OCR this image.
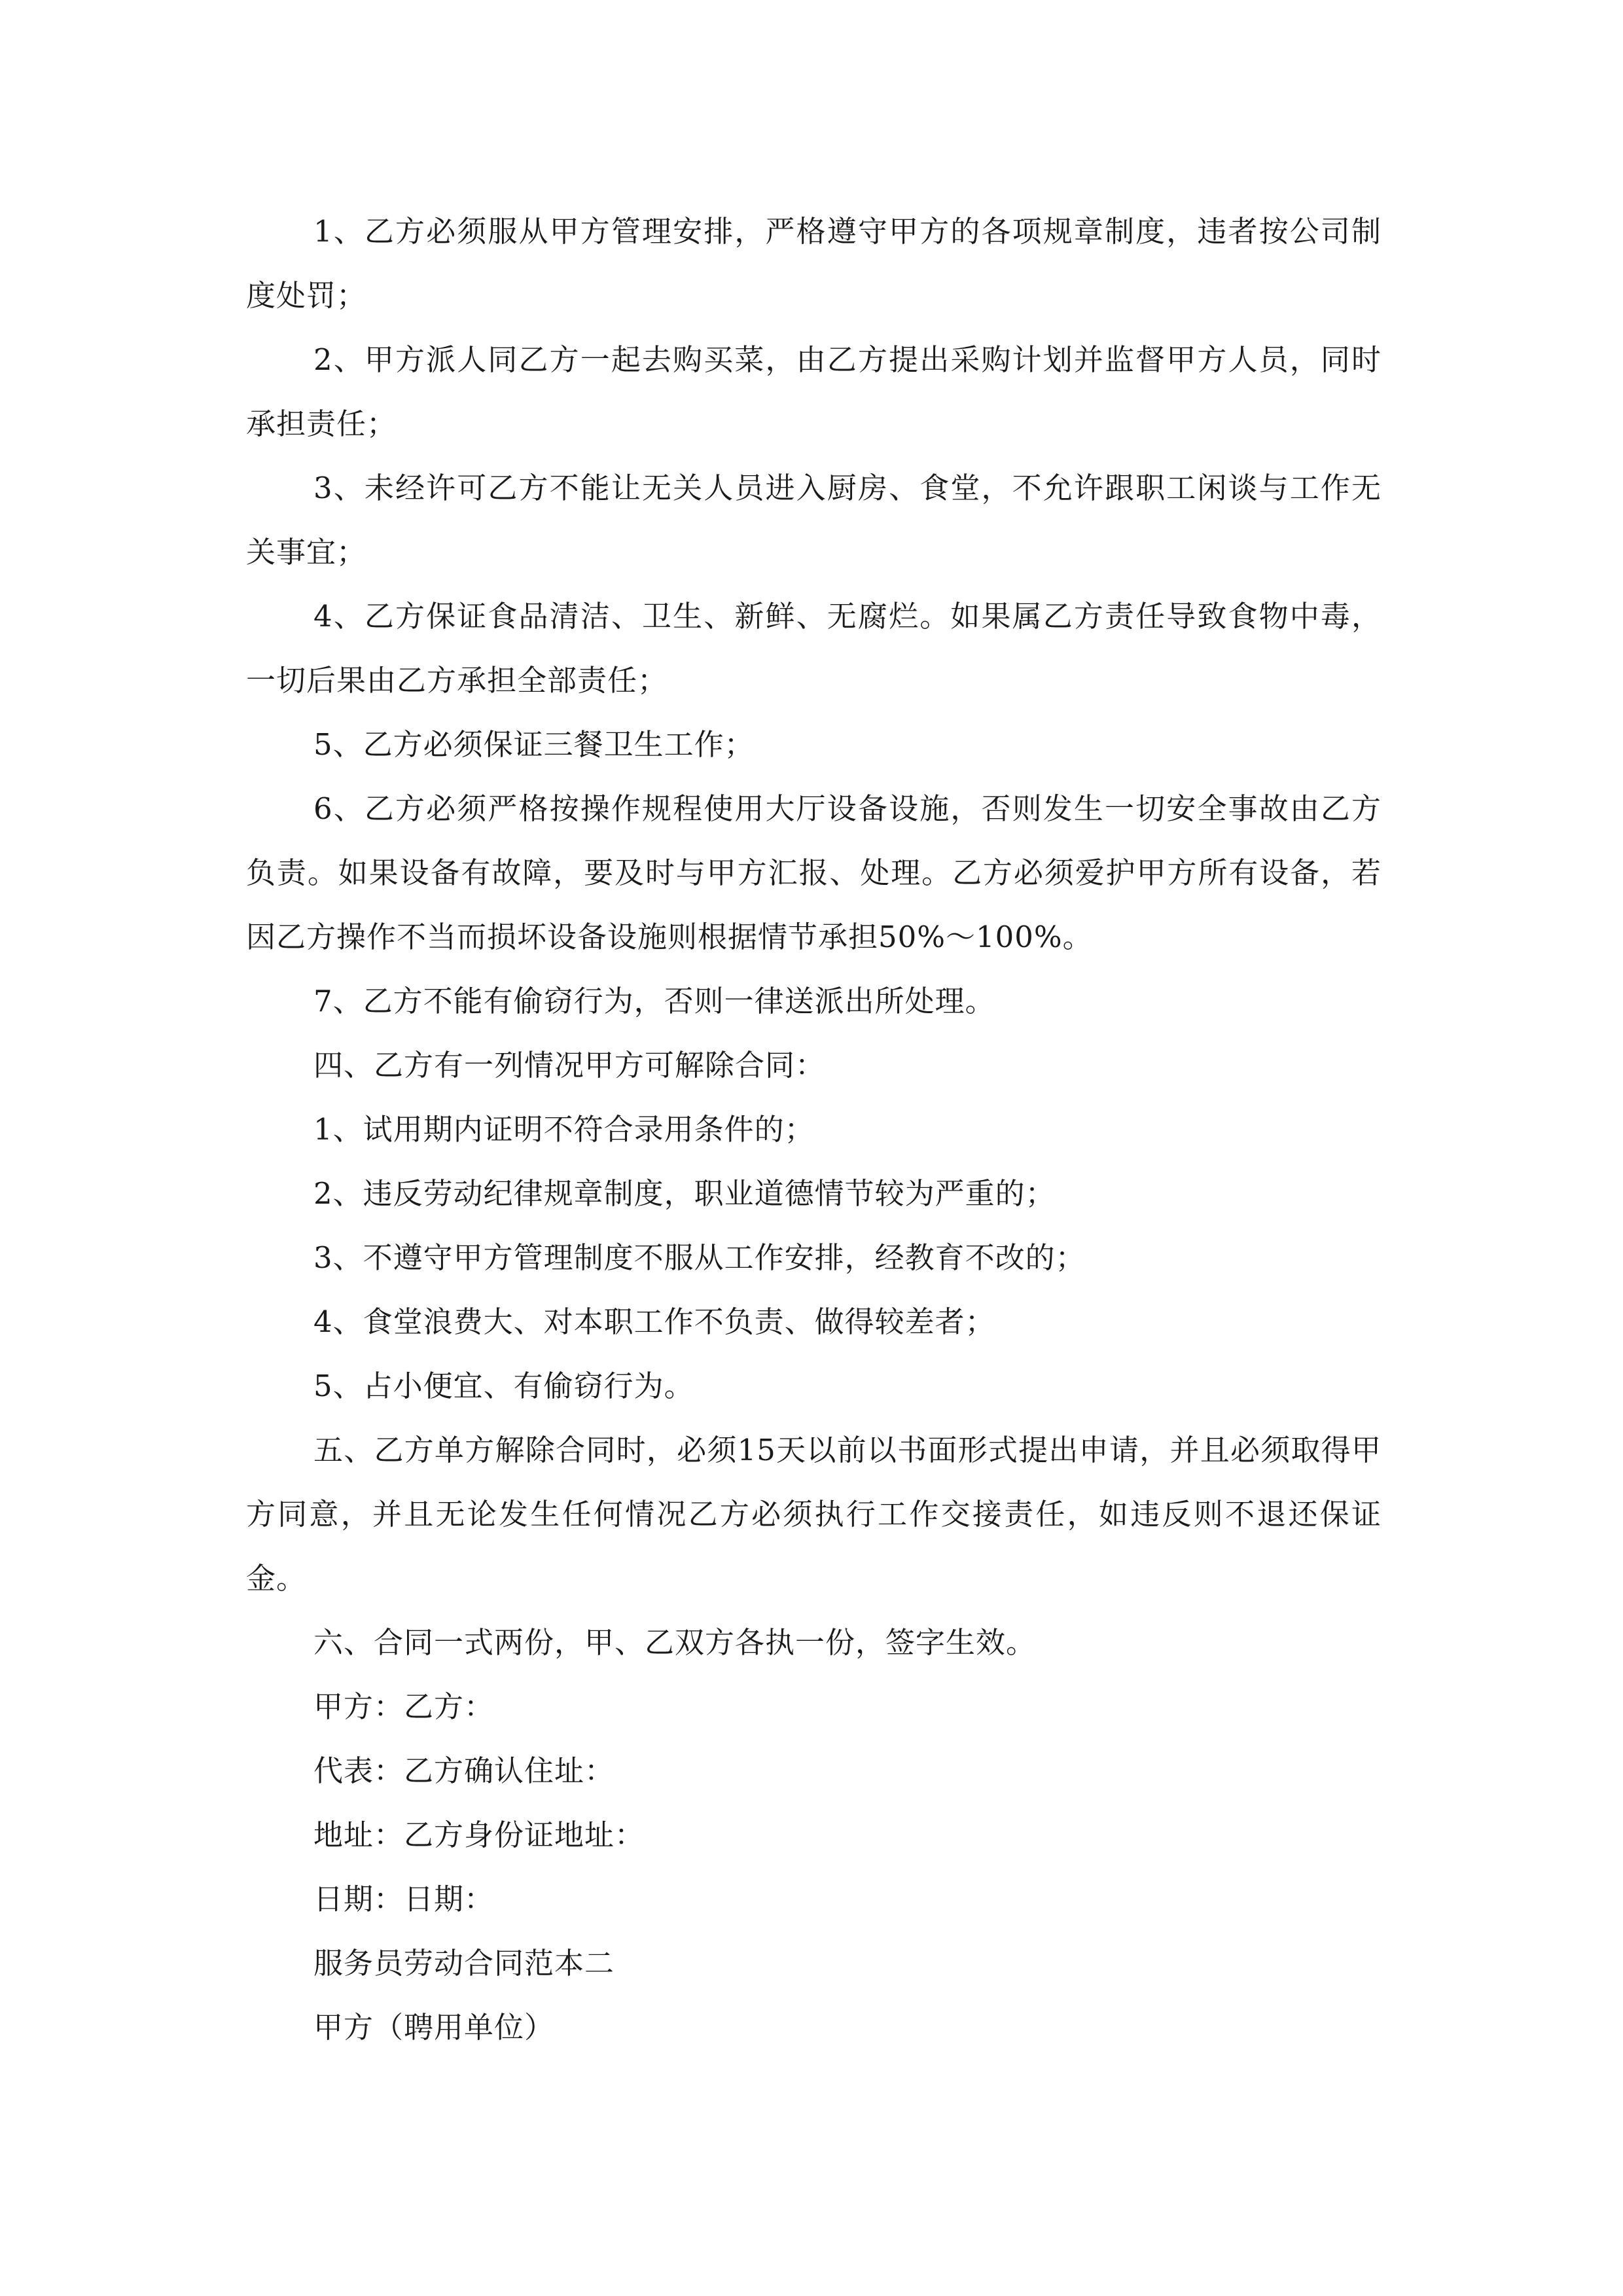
1、乙方必须服从甲方管理安排，严格遵守甲方的各项规章制度，违者按公司制度处罚；

2、甲方派人同乙方一起去购买菜，由乙方提出采购计划并监督甲方人员，同时承担责任；

3、未经许可乙方不能让无关人员进入厨房、食堂，不允许跟职工闲谈与工作无关事宜；

4、乙方保证食品清洁、卫生、新鲜、无腐烂。如果属乙方责任导致食物中毒，一切后果由乙方承担全部责任；

5、乙方必须保证三餐卫生工作；

6、乙方必须严格按操作规程使用大厅设备设施，否则发生一切安全事故由乙方负责。如果设备有故障，要及时与甲方汇报、处理。乙方必须爱护甲方所有设备，若因乙方操作不当而损坏设备设施则根据情节承担50%～100%。

7、乙方不能有偷窃行为，否则一律送派出所处理。

四、乙方有一列情况甲方可解除合同：

1、试用期内证明不符合录用条件的；

2、违反劳动纪律规章制度，职业道德情节较为严重的；

3、不遵守甲方管理制度不服从工作安排，经教育不改的；

4、食堂浪费大、对本职工作不负责、做得较差者；

5、占小便宜、有偷窃行为。

五、乙方单方解除合同时，必须15天以前以书面形式提出申请，并且必须取得甲方同意，并且无论发生任何情况乙方必须执行工作交接责任，如违反则不退还保证金。

六、合同一式两份，甲、乙双方各执一份，签字生效。

甲方：乙方：

代表：乙方确认住址：

地址：乙方身份证地址：

日期：日期：

服务员劳动合同范本二

甲方（聘用单位）
